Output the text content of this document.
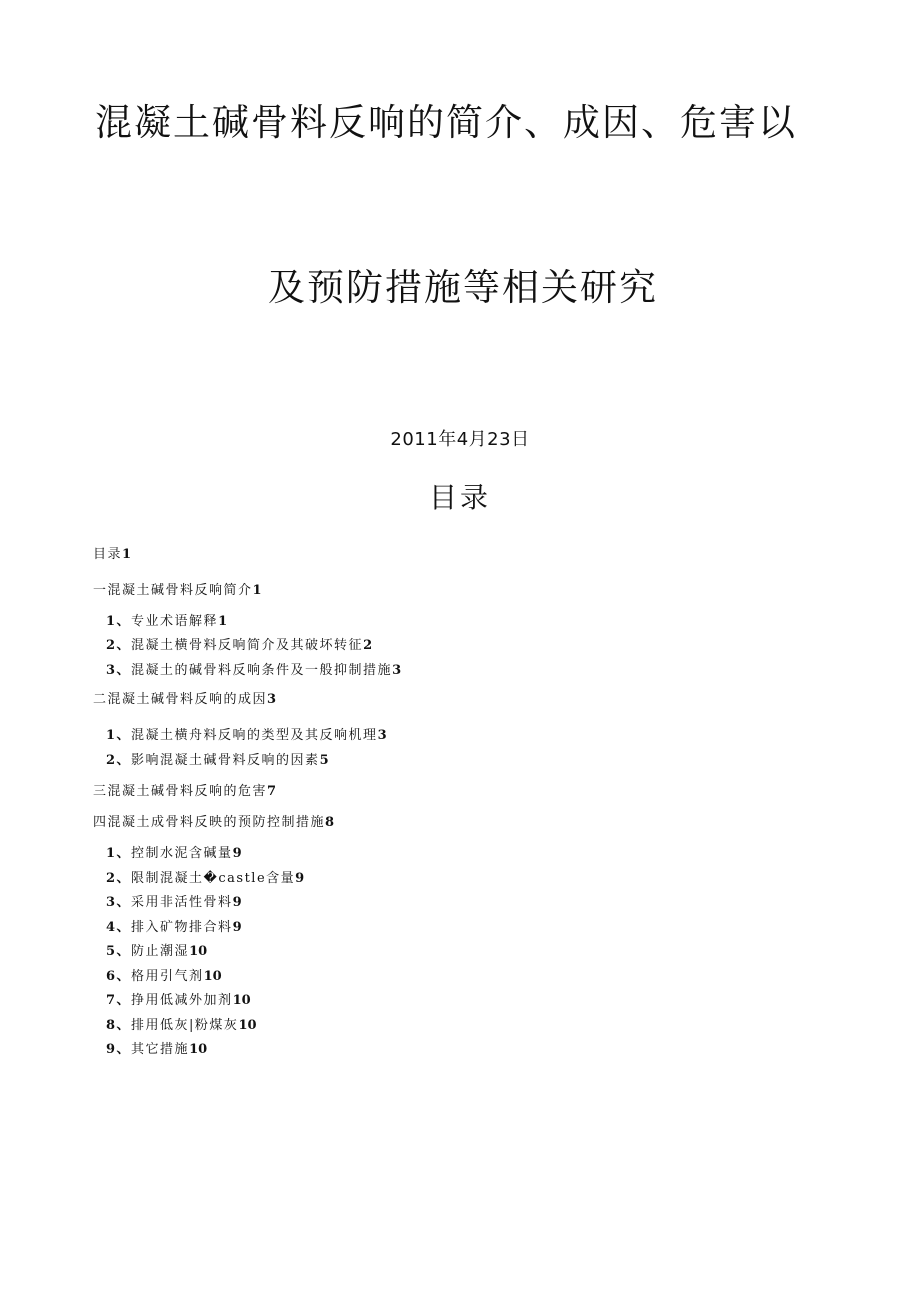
混凝土碱骨料反响的简介、成因、危害以
及预防措施等相关研究
2011年4月23日
目录
目录1
一混凝土碱骨料反响简介1
1、专业术语解释1
2、混凝土横骨料反响简介及其破坏转征2
3、混凝土的碱骨料反响条件及一般抑制措施3
二混凝土碱骨料反响的成因3
1、混凝土横舟料反响的类型及其反响机理3
2、影响混凝土碱骨料反响的因素5
三混凝土碱骨料反响的危害7
四混凝土成骨料反映的预防控制措施8
1、控制水泥含碱量9
2、限制混凝土�castle含量9
3、采用非活性骨料9
4、排入矿物排合料9
5、防止潮湿10
6、格用引气剂10
7、挣用低减外加剂10
8、排用低灰|粉煤灰10
9、其它措施10
